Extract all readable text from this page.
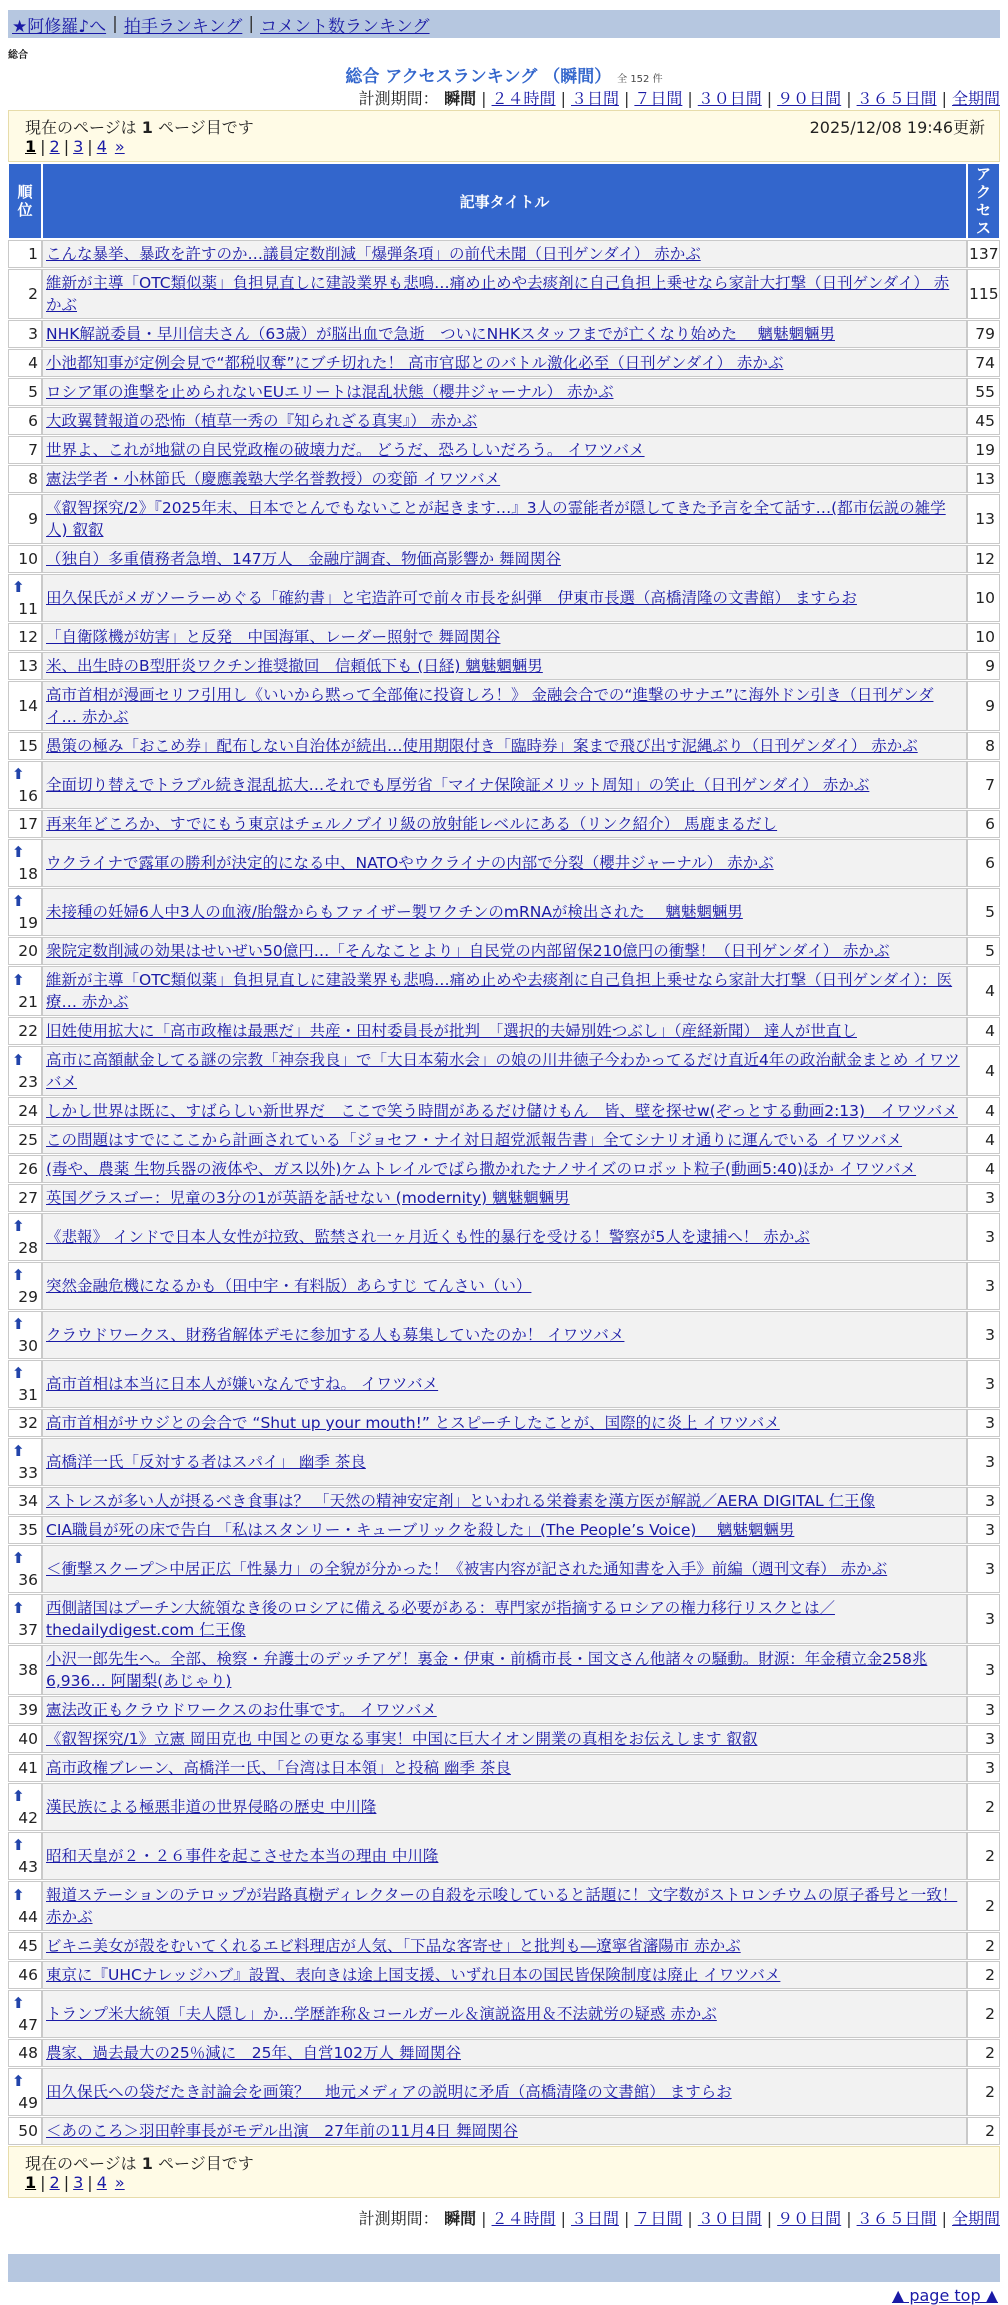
★阿修羅♪へ | 拍手ランキング | コメント数ランキング
総合
総合 アクセスランキング （瞬間） 全 152 件
計測期間： 瞬間 | ２４時間 | ３日間 | ７日間 | ３０日間 | ９０日間 | ３６５日間 | 全期間
現在のページは 1 ページ目です	2025/12/08 19:46更新
1 | 2 | 3 | 4 »
順
位	記事タイトル	アク
セス
1	こんな暴挙、暴政を許すのか…議員定数削減「爆弾条項」の前代未聞（日刊ゲンダイ） 赤かぶ	137
2	維新が主導「OTC類似薬」負担見直しに建設業界も悲鳴…痛め止めや去痰剤に自己負担上乗せなら家計大打撃（日刊ゲンダイ） 赤かぶ	115
3	NHK解説委員・早川信夫さん（63歳）が脳出血で急逝　ついにNHKスタッフまでが亡くなり始めた　 魑魅魍魎男	79
4	小池都知事が定例会見で“都税収奪”にブチ切れた！ 高市官邸とのバトル激化必至（日刊ゲンダイ） 赤かぶ	74
5	ロシア軍の進撃を止められないEUエリートは混乱状態（櫻井ジャーナル） 赤かぶ	55
6	大政翼賛報道の恐怖（植草一秀の『知られざる真実』） 赤かぶ	45
7	世界よ、これが地獄の自民党政権の破壊力だ。 どうだ、恐ろしいだろう。 イワツバメ	19
8	憲法学者・小林節氏（慶應義塾大学名誉教授）の変節 イワツバメ	13
9	《叡智探究/2》『2025年末、日本でとんでもないことが起きます…』3人の霊能者が隠してきた予言を全て話す…(都市伝説の雑学人) 叡叡	13
10	（独自）多重債務者急増、147万人　金融庁調査、物価高影響か 舞岡関谷	12

⬆
11	田久保氏がメガソーラーめぐる「確約書」と宅造許可で前々市長を糾弾　伊東市長選（高橋清隆の文書館） ますらお	10
12	「自衛隊機が妨害」と反発　中国海軍、レーダー照射で 舞岡関谷	10
13	米、出生時のB型肝炎ワクチン推奨撤回　信頼低下も (日経) 魑魅魍魎男	9
14	高市首相が漫画セリフ引用し《いいから黙って全部俺に投資しろ！》 金融会合での“進撃のサナエ”に海外ドン引き（日刊ゲンダイ… 赤かぶ	9
15	愚策の極み「おこめ券」配布しない自治体が続出…使用期限付き「臨時券」案まで飛び出す泥縄ぶり（日刊ゲンダイ） 赤かぶ	8

⬆
16	全面切り替えでトラブル続き混乱拡大…それでも厚労省「マイナ保険証メリット周知」の笑止（日刊ゲンダイ） 赤かぶ	7
17	再来年どころか、すでにもう東京はチェルノブイリ級の放射能レベルにある（リンク紹介） 馬鹿まるだし	6

⬆
18	ウクライナで露軍の勝利が決定的になる中、NATOやウクライナの内部で分裂（櫻井ジャーナル） 赤かぶ	6

⬆
19	未接種の妊婦6人中3人の血液/胎盤からもファイザー製ワクチンのmRNAが検出された　 魑魅魍魎男	5
20	衆院定数削減の効果はせいぜい50億円…「そんなことより」自民党の内部留保210億円の衝撃！（日刊ゲンダイ） 赤かぶ	5

⬆
21	維新が主導「OTC類似薬」負担見直しに建設業界も悲鳴…痛め止めや去痰剤に自己負担上乗せなら家計大打撃（日刊ゲンダイ）：医療… 赤かぶ	4
22	旧姓使用拡大に「高市政権は最悪だ」共産・田村委員長が批判　「選択的夫婦別姓つぶし」（産経新聞） 達人が世直し	4

⬆
23	高市に高額献金してる謎の宗教「神奈我良」で「大日本菊水会」の娘の川井徳子今わかってるだけ直近4年の政治献金まとめ イワツバメ	4
24	しかし世界は既に、すばらしい新世界だ　ここで笑う時間があるだけ儲けもん　皆、壁を探せw(ぞっとする動画2:13)　イワツバメ	4
25	この問題はすでにここから計画されている「ジョセフ・ナイ対日超党派報告書」全てシナリオ通りに運んでいる イワツバメ	4
26	(毒や、農薬 生物兵器の液体や、ガス以外)ケムトレイルでばら撒かれたナノサイズのロボット粒子(動画5:40)ほか イワツバメ	4
27	英国グラスゴー：児童の3分の1が英語を話せない (modernity) 魑魅魍魎男	3

⬆
28	《悲報》 インドで日本人女性が拉致、監禁され一ヶ月近くも性的暴行を受ける！警察が5人を逮捕へ！ 赤かぶ	3

⬆
29	突然金融危機になるかも（田中宇・有料版）あらすじ てんさい（い）	3

⬆
30	クラウドワークス、財務省解体デモに参加する人も募集していたのか！ イワツバメ	3

⬆
31	高市首相は本当に日本人が嫌いなんですね。 イワツバメ	3
32	高市首相がサウジとの会合で “Shut up your mouth!” とスピーチしたことが、国際的に炎上 イワツバメ	3

⬆
33	高橋洋一氏「反対する者はスパイ」 幽季 茶良	3
34	ストレスが多い人が摂るべき食事は？ 「天然の精神安定剤」といわれる栄養素を漢方医が解説／AERA DIGITAL 仁王像	3
35	CIA職員が死の床で告白 「私はスタンリー・キューブリックを殺した」(The People’s Voice)　 魑魅魍魎男	3

⬆
36	＜衝撃スクープ＞中居正広「性暴力」の全貌が分かった！《被害内容が記された通知書を入手》前編（週刊文春） 赤かぶ	3

⬆
37	西側諸国はプーチン大統領なき後のロシアに備える必要がある：専門家が指摘するロシアの権力移行リスクとは／thedailydigest.com 仁王像	3
38	小沢一郎先生へ。全部、検察・弁護士のデッチアゲ！裏金・伊東・前橋市長・国文さん他諸々の騒動。財源：年金積立金258兆6,936… 阿闍梨(あじゃり)	3
39	憲法改正もクラウドワークスのお仕事です。 イワツバメ	3
40	《叡智探究/1》立憲 岡田克也 中国との更なる事実！中国に巨大イオン開業の真相をお伝えします 叡叡	3
41	高市政権ブレーン、高橋洋一氏、「台湾は日本領」と投稿 幽季 茶良	3

⬆
42	漢民族による極悪非道の世界侵略の歴史 中川隆	2

⬆
43	昭和天皇が２・２６事件を起こさせた本当の理由 中川隆	2

⬆
44	報道ステーションのテロップが岩路真樹ディレクターの自殺を示唆していると話題に！文字数がストロンチウムの原子番号と一致！ 赤かぶ	2
45	ビキニ美女が殻をむいてくれるエビ料理店が人気、「下品な客寄せ」と批判も―遼寧省瀋陽市 赤かぶ	2
46	東京に『UHCナレッジハブ』設置、表向きは途上国支援、いずれ日本の国民皆保険制度は廃止 イワツバメ	2

⬆
47	トランプ米大統領「夫人隠し」か…学歴詐称＆コールガール＆演説盗用＆不法就労の疑惑 赤かぶ	2
48	農家、過去最大の25％減に　25年、自営102万人 舞岡関谷	2

⬆
49	田久保氏への袋だたき討論会を画策？　地元メディアの説明に矛盾（高橋清隆の文書館） ますらお	2
50	＜あのころ＞羽田幹事長がモデル出演　27年前の11月4日 舞岡関谷	2
現在のページは 1 ページ目です
1 | 2 | 3 | 4 »
計測期間： 瞬間 | ２４時間 | ３日間 | ７日間 | ３０日間 | ９０日間 | ３６５日間 | 全期間
▲ page top ▲
